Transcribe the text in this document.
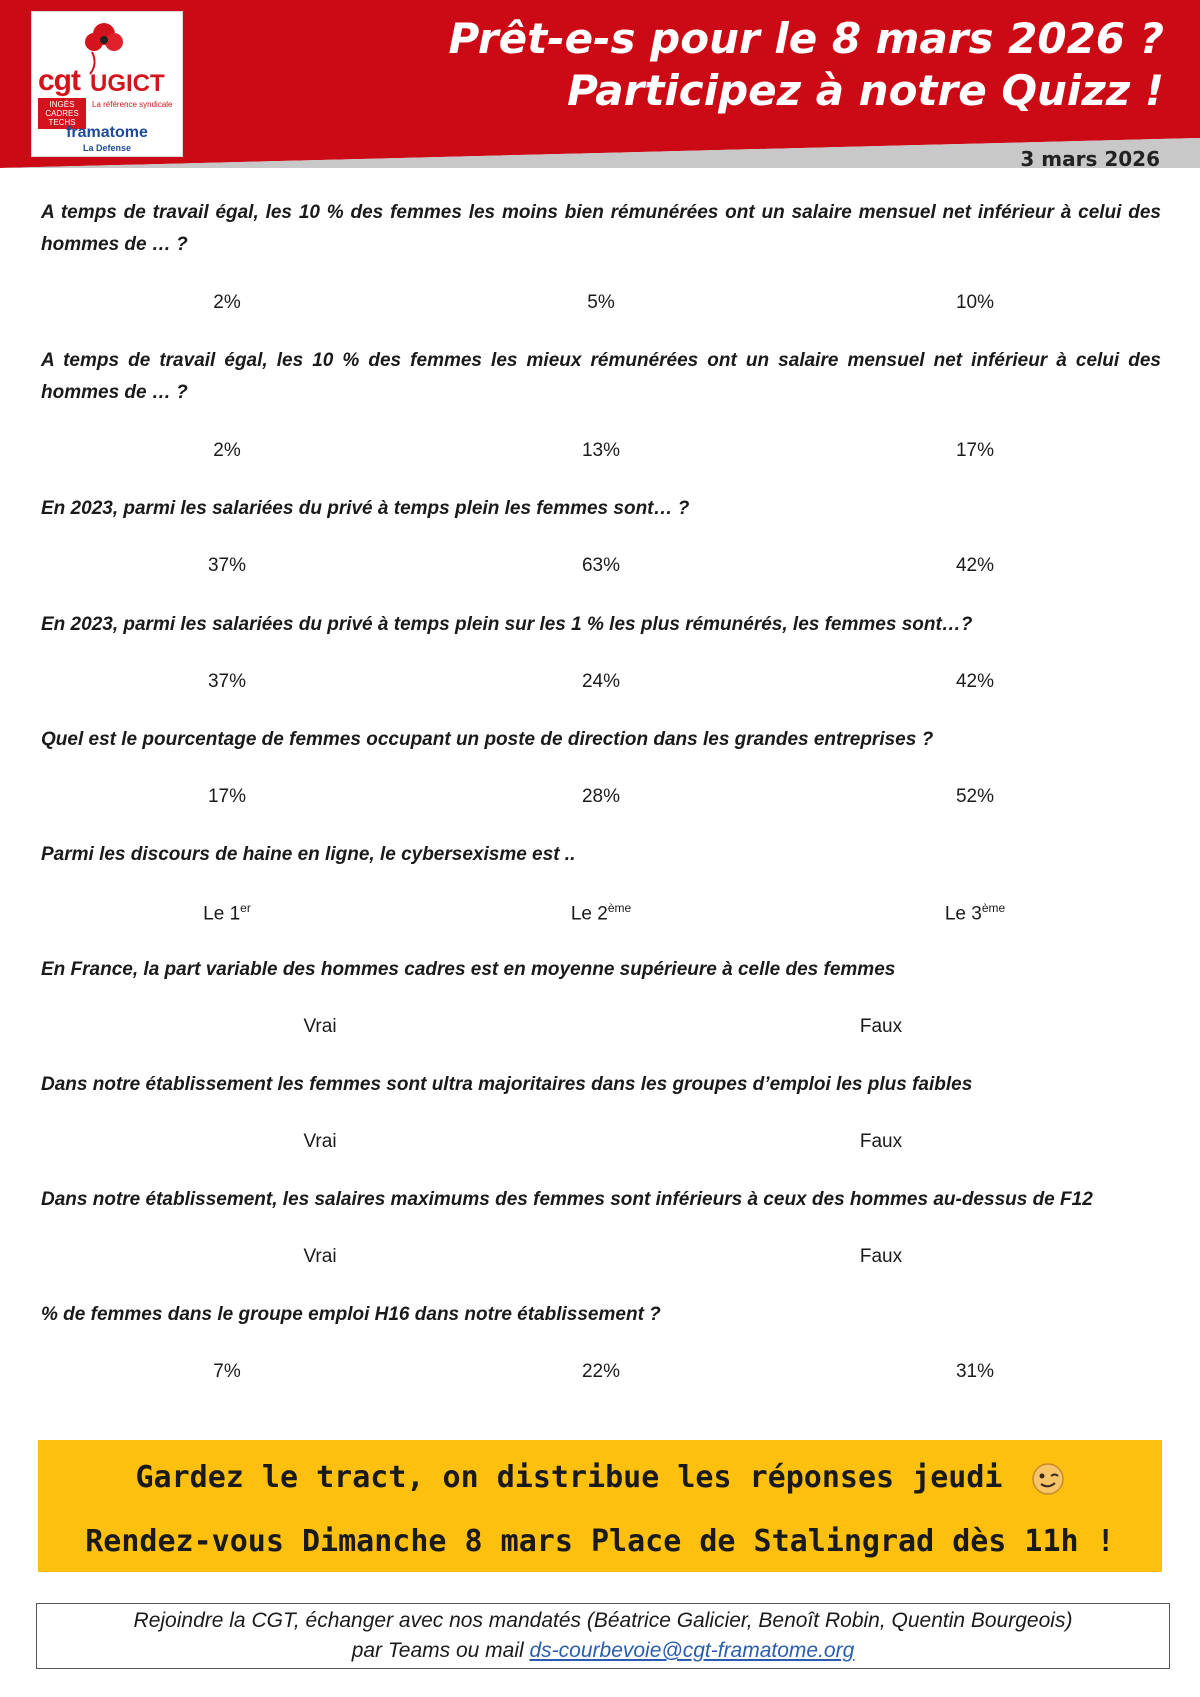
cgt UGICT
La référence syndicale
INGÉS CADRES TECHS
framatome
La Defense
Prêt-e-s pour le 8 mars 2026 ?
Participez à notre Quizz !
3 mars 2026
A temps de travail égal, les 10 % des femmes les moins bien rémunérées ont un salaire mensuel net inférieur à celui des hommes de … ?
2%	5%	10%
A temps de travail égal, les 10 % des femmes les mieux rémunérées ont un salaire mensuel net inférieur à celui des hommes de … ?
2%	13%	17%
En 2023, parmi les salariées du privé à temps plein les femmes sont… ?
37%	63%	42%
En 2023, parmi les salariées du privé à temps plein sur les 1 % les plus rémunérés, les femmes sont…?
37%	24%	42%
Quel est le pourcentage de femmes occupant un poste de direction dans les grandes entreprises ?
17%	28%	52%
Parmi les discours de haine en ligne, le cybersexisme est ..
Le 1er	Le 2ème	Le 3ème
En France, la part variable des hommes cadres est en moyenne supérieure à celle des femmes
Vrai	Faux
Dans notre établissement les femmes sont ultra majoritaires dans les groupes d’emploi les plus faibles
Vrai	Faux
Dans notre établissement, les salaires maximums des femmes sont inférieurs à ceux des hommes au-dessus de F12
Vrai	Faux
% de femmes dans le groupe emploi H16 dans notre établissement ?
7%	22%	31%
Gardez le tract, on distribue les réponses jeudi
Rendez-vous Dimanche 8 mars Place de Stalingrad dès 11h !
Rejoindre la CGT, échanger avec nos mandatés (Béatrice Galicier, Benoît Robin, Quentin Bourgeois)
par Teams ou mail ds-courbevoie@cgt-framatome.org
